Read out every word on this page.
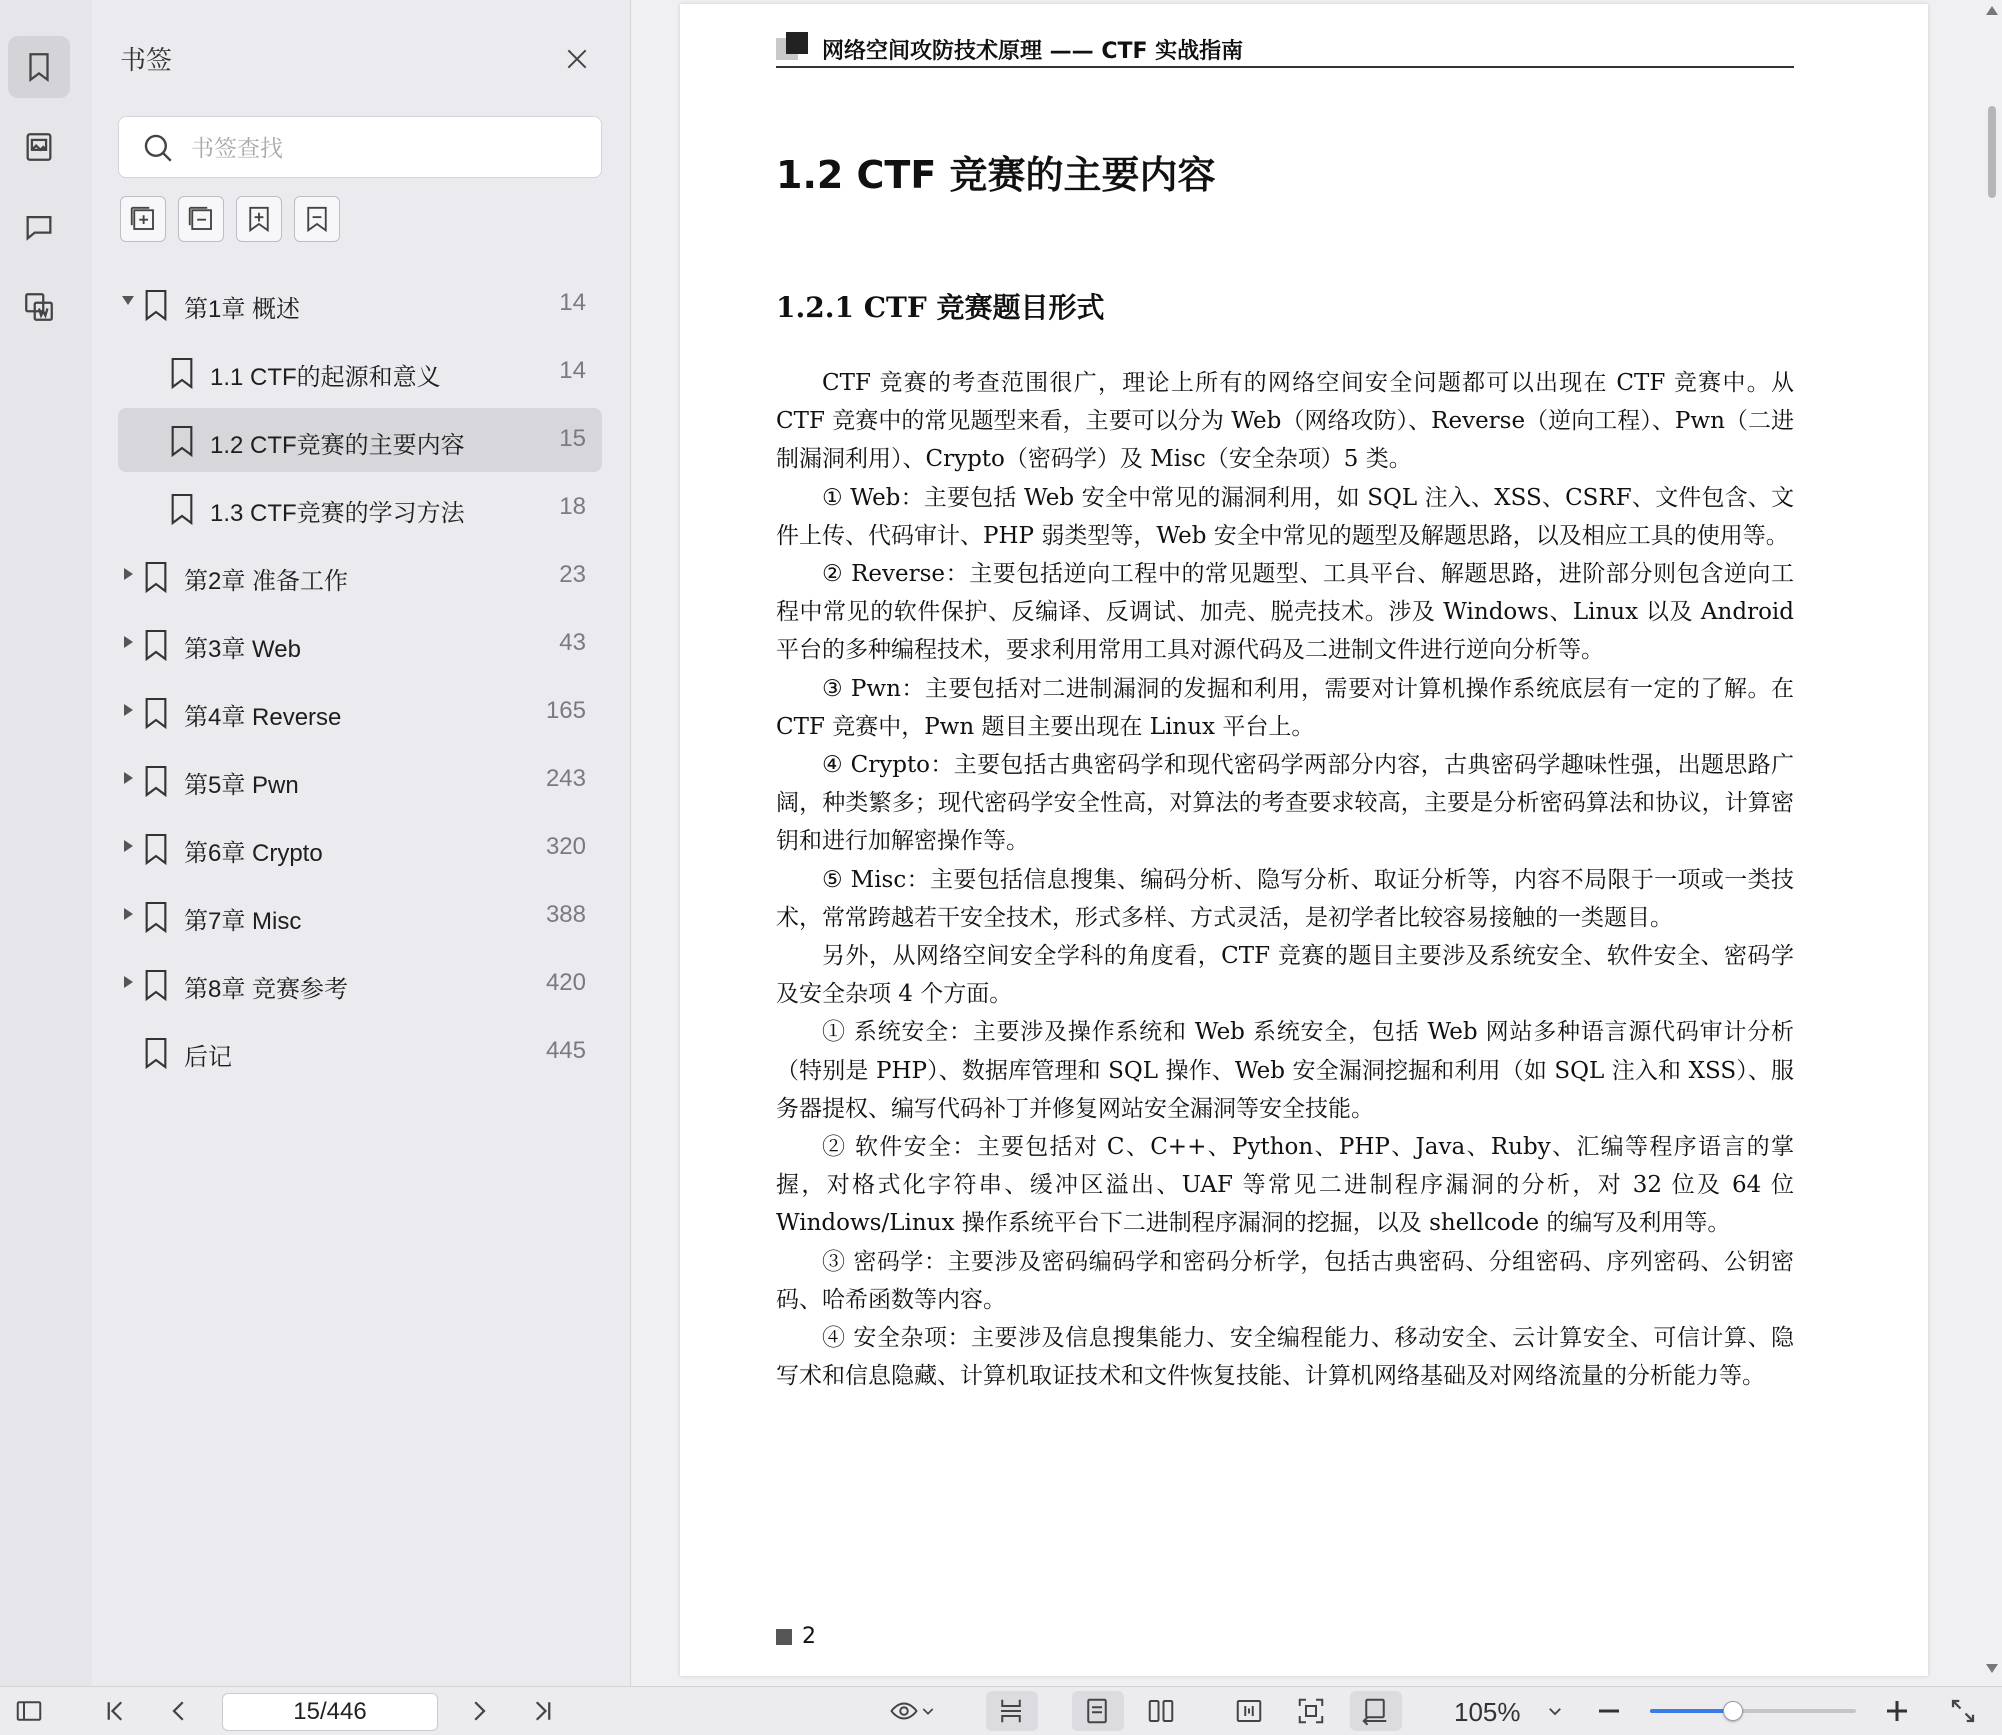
书签
书签查找
第1章 概述	14
1.1 CTF的起源和意义	14
1.2 CTF竞赛的主要内容	15
1.3 CTF竞赛的学习方法	18
第2章 准备工作	23
第3章 Web	43
第4章 Reverse	165
第5章 Pwn	243
第6章 Crypto	320
第7章 Misc	388
第8章 竞赛参考	420
后记	445
网络空间攻防技术原理 —— CTF 实战指南
1.2 CTF 竞赛的主要内容
1.2.1 CTF 竞赛题目形式

CTF 竞赛的考查范围很广，理论上所有的网络空间安全问题都可以出现在 CTF 竞赛中。从 CTF 竞赛中的常见题型来看，主要可以分为 Web（网络攻防）、Reverse（逆向工程）、Pwn（二进制漏洞利用）、Crypto（密码学）及 Misc（安全杂项）5 类。

① Web：主要包括 Web 安全中常见的漏洞利用，如 SQL 注入、XSS、CSRF、文件包含、文件上传、代码审计、PHP 弱类型等，Web 安全中常见的题型及解题思路，以及相应工具的使用等。

② Reverse：主要包括逆向工程中的常见题型、工具平台、解题思路，进阶部分则包含逆向工程中常见的软件保护、反编译、反调试、加壳、脱壳技术。涉及 Windows、Linux 以及 Android 平台的多种编程技术，要求利用常用工具对源代码及二进制文件进行逆向分析等。

③ Pwn：主要包括对二进制漏洞的发掘和利用，需要对计算机操作系统底层有一定的了解。在 CTF 竞赛中，Pwn 题目主要出现在 Linux 平台上。

④ Crypto：主要包括古典密码学和现代密码学两部分内容，古典密码学趣味性强，出题思路广阔，种类繁多；现代密码学安全性高，对算法的考查要求较高，主要是分析密码算法和协议，计算密钥和进行加解密操作等。

⑤ Misc：主要包括信息搜集、编码分析、隐写分析、取证分析等，内容不局限于一项或一类技术，常常跨越若干安全技术，形式多样、方式灵活，是初学者比较容易接触的一类题目。

另外，从网络空间安全学科的角度看，CTF 竞赛的题目主要涉及系统安全、软件安全、密码学及安全杂项 4 个方面。

① 系统安全：主要涉及操作系统和 Web 系统安全，包括 Web 网站多种语言源代码审计分析（特别是 PHP）、数据库管理和 SQL 操作、Web 安全漏洞挖掘和利用（如 SQL 注入和 XSS）、服务器提权、编写代码补丁并修复网站安全漏洞等安全技能。

② 软件安全：主要包括对 C、C++、Python、PHP、Java、Ruby、汇编等程序语言的掌握，对格式化字符串、缓冲区溢出、UAF 等常见二进制程序漏洞的分析，对 32 位及 64 位 Windows/Linux 操作系统平台下二进制程序漏洞的挖掘，以及 shellcode 的编写及利用等。

③ 密码学：主要涉及密码编码学和密码分析学，包括古典密码、分组密码、序列密码、公钥密码、哈希函数等内容。

④ 安全杂项：主要涉及信息搜集能力、安全编程能力、移动安全、云计算安全、可信计算、隐写术和信息隐藏、计算机取证技术和文件恢复技能、计算机网络基础及对网络流量的分析能力等。

2
15/446	105%
